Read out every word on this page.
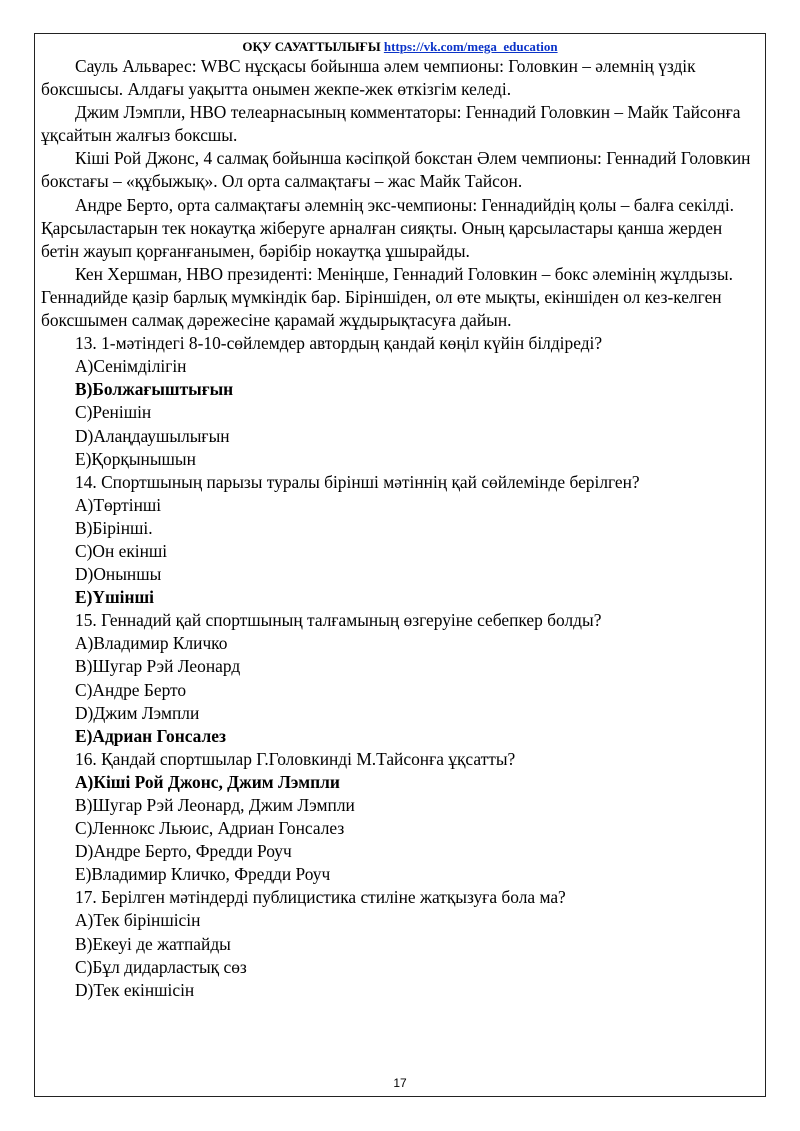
ОҚУ САУАТТЫЛЫҒЫ https://vk.com/mega_education

Сауль Альварес: WBC нұсқасы бойынша әлем чемпионы: Головкин – әлемнің үздік боксшысы. Алдағы уақытта онымен жекпе-жек өткізгім келеді.

Джим Лэмпли, HBO телеарнасының комментаторы: Геннадий Головкин – Майк Тайсонға ұқсайтын жалғыз боксшы.

Кіші Рой Джонс, 4 салмақ бойынша кәсіпқой бокстан Әлем чемпионы: Геннадий Головкин бокстағы – «құбыжық». Ол орта салмақтағы – жас Майк Тайсон.

Андре Берто, орта салмақтағы әлемнің экс-чемпионы: Геннадийдің қолы – балға секілді. Қарсыластарын тек нокаутқа жіберуге арналған сияқты. Оның қарсыластары қанша жерден бетін жауып қорғанғанымен, бәрібір нокаутқа ұшырайды.

Кен Хершман, HBO президенті: Меніңше, Геннадий Головкин – бокс әлемінің жұлдызы. Геннадийде қазір барлық мүмкіндік бар. Біріншіден, ол өте мықты, екіншіден ол кез-келген боксшымен салмақ дәрежесіне қарамай жұдырықтасуға дайын.

13. 1-мәтіндегі 8-10-сөйлемдер автордың қандай көңіл күйін білдіреді?

A)Сенімділігін

B)Болжағыштығын

C)Ренішін

D)Алаңдаушылығын

E)Қорқынышын

14. Спортшының парызы туралы бірінші мәтіннің қай сөйлемінде берілген?

A)Төртінші

B)Бірінші.

C)Он екінші

D)Оныншы

E)Үшінші

15. Геннадий қай спортшының талғамының өзгеруіне себепкер болды?

A)Владимир Кличко

B)Шугар Рэй Леонард

C)Андре Берто

D)Джим Лэмпли

E)Адриан Гонсалез

16. Қандай спортшылар Г.Головкинді М.Тайсонға ұқсатты?

A)Кіші Рой Джонс, Джим Лэмпли

B)Шугар Рэй Леонард, Джим Лэмпли

C)Леннокс Льюис, Адриан Гонсалез

D)Андре Берто, Фредди Роуч

E)Владимир Кличко, Фредди Роуч

17. Берілген мәтіндерді публицистика стиліне жатқызуға бола ма?

A)Тек біріншісін

B)Екеуі де жатпайды

C)Бұл дидарластық сөз

D)Тек екіншісін

17
